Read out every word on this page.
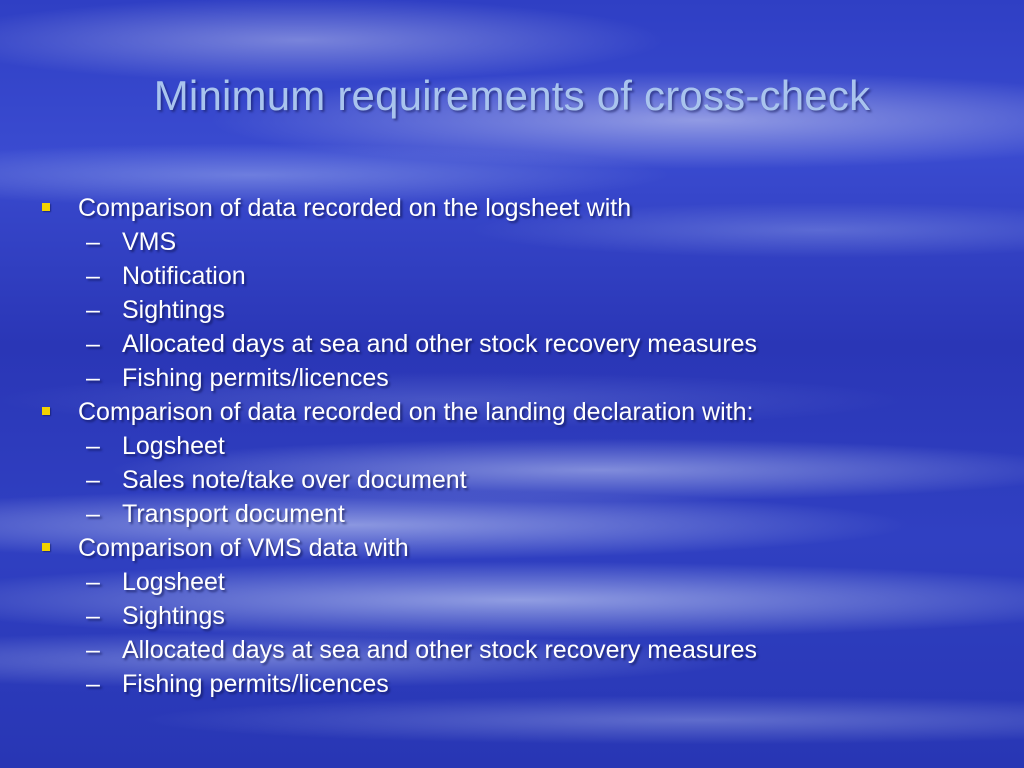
Minimum requirements of cross-check
Comparison of data recorded on the logsheet with
– VMS
– Notification
– Sightings
– Allocated days at sea and other stock recovery measures
– Fishing permits/licences
Comparison of data recorded on the landing declaration with:
– Logsheet
– Sales note/take over document
– Transport document
Comparison of VMS data with
– Logsheet
– Sightings
– Allocated days at sea and other stock recovery measures
– Fishing permits/licences
